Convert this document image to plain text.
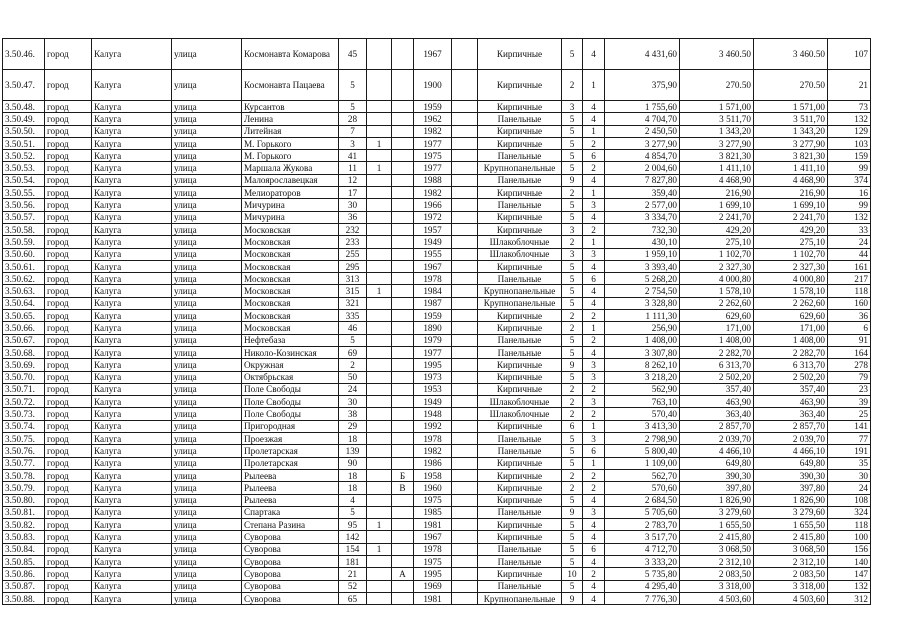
3.50.46.	город	Калуга	улица	Космонавта Комарова	45			1967		Кирпичные	5	4	4 431,60	3 460.50	3 460.50	107
3.50.47.	город	Калуга	улица	Космонавта Пацаева	5			1900		Кирпичные	2	1	375,90	270.50	270.50	21
3.50.48.	город	Калуга	улица	Курсантов	5			1959		Кирпичные	3	4	1 755,60	1 571,00	1 571,00	73
3.50.49.	город	Калуга	улица	Ленина	28			1962		Панельные	5	4	4 704,70	3 511,70	3 511,70	132
3.50.50.	город	Калуга	улица	Литейная	7			1982		Кирпичные	5	1	2 450,50	1 343,20	1 343,20	129
3.50.51.	город	Калуга	улица	М. Горького	3	1		1977		Кирпичные	5	2	3 277,90	3 277,90	3 277,90	103
3.50.52.	город	Калуга	улица	М. Горького	41			1975		Панельные	5	6	4 854,70	3 821,30	3 821,30	159
3.50.53.	город	Калуга	улица	Маршала Жукова	11	1		1977		Крупнопанельные	5	2	2 004,60	1 411,10	1 411,10	99
3.50.54.	город	Калуга	улица	Малоярославецкая	12			1988		Панельные	9	4	7 827,80	4 468,90	4 468,90	374
3.50.55.	город	Калуга	улица	Мелиораторов	17			1982		Кирпичные	2	1	359,40	216,90	216,90	16
3.50.56.	город	Калуга	улица	Мичурина	30			1966		Панельные	5	3	2 577,00	1 699,10	1 699,10	99
3.50.57.	город	Калуга	улица	Мичурина	36			1972		Кирпичные	5	4	3 334,70	2 241,70	2 241,70	132
3.50.58.	город	Калуга	улица	Московская	232			1957		Кирпичные	3	2	732,30	429,20	429,20	33
3.50.59.	город	Калуга	улица	Московская	233			1949		Шлакоблочные	2	1	430,10	275,10	275,10	24
3.50.60.	город	Калуга	улица	Московская	255			1955		Шлакоблочные	3	3	1 959,10	1 102,70	1 102,70	44
3.50.61.	город	Калуга	улица	Московская	295			1967		Кирпичные	5	4	3 393,40	2 327,30	2 327,30	161
3.50.62.	город	Калуга	улица	Московская	313			1978		Панельные	5	6	5 268,20	4 000,80	4 000,80	217
3.50.63.	город	Калуга	улица	Московская	315	1		1984		Крупнопанельные	5	4	2 754,50	1 578,10	1 578,10	118
3.50.64.	город	Калуга	улица	Московская	321			1987		Крупнопанельные	5	4	3 328,80	2 262,60	2 262,60	160
3.50.65.	город	Калуга	улица	Московская	335			1959		Кирпичные	2	2	1 111,30	629,60	629,60	36
3.50.66.	город	Калуга	улица	Московская	46			1890		Кирпичные	2	1	256,90	171,00	171,00	6
3.50.67.	город	Калуга	улица	Нефтебаза	5			1979		Панельные	5	2	1 408,00	1 408,00	1 408,00	91
3.50.68.	город	Калуга	улица	Николо-Козинская	69			1977		Панельные	5	4	3 307,80	2 282,70	2 282,70	164
3.50.69.	город	Калуга	улица	Окружная	2			1995		Кирпичные	9	3	8 262,10	6 313,70	6 313,70	278
3.50.70.	город	Калуга	улица	Октябрьская	50			1973		Кирпичные	5	3	3 218,20	2 502,20	2 502,20	79
3.50.71.	город	Калуга	улица	Поле Свободы	24			1953		Кирпичные	2	2	562,90	357,40	357,40	23
3.50.72.	город	Калуга	улица	Поле Свободы	30			1949		Шлакоблочные	2	3	763,10	463,90	463,90	39
3.50.73.	город	Калуга	улица	Поле Свободы	38			1948		Шлакоблочные	2	2	570,40	363,40	363,40	25
3.50.74.	город	Калуга	улица	Пригородная	29			1992		Кирпичные	6	1	3 413,30	2 857,70	2 857,70	141
3.50.75.	город	Калуга	улица	Проезжая	18			1978		Панельные	5	3	2 798,90	2 039,70	2 039,70	77
3.50.76.	город	Калуга	улица	Пролетарская	139			1982		Панельные	5	6	5 800,40	4 466,10	4 466,10	191
3.50.77.	город	Калуга	улица	Пролетарская	90			1986		Кирпичные	5	1	1 109,00	649,80	649,80	35
3.50.78.	город	Калуга	улица	Рылеева	18		Б	1958		Кирпичные	2	2	562,70	390,30	390,30	30
3.50.79.	город	Калуга	улица	Рылеева	18		В	1960		Кирпичные	2	2	570,60	397,80	397,80	24
3.50.80.	город	Калуга	улица	Рылеева	4			1975		Кирпичные	5	4	2 684,50	1 826,90	1 826,90	108
3.50.81.	город	Калуга	улица	Спартака	5			1985		Панельные	9	3	5 705,60	3 279,60	3 279,60	324
3.50.82.	город	Калуга	улица	Степана Разина	95	1		1981		Кирпичные	5	4	2 783,70	1 655,50	1 655,50	118
3.50.83.	город	Калуга	улица	Суворова	142			1967		Кирпичные	5	4	3 517,70	2 415,80	2 415,80	100
3.50.84.	город	Калуга	улица	Суворова	154	1		1978		Панельные	5	6	4 712,70	3 068,50	3 068,50	156
3.50.85.	город	Калуга	улица	Суворова	181			1975		Панельные	5	4	3 333,20	2 312,10	2 312,10	140
3.50.86.	город	Калуга	улица	Суворова	21		А	1995		Кирпичные	10	2	5 735,80	2 083,50	2 083,50	147
3.50.87.	город	Калуга	улица	Суворова	52			1969		Панельные	5	4	4 295,40	3 318,00	3 318,00	132
3.50.88.	город	Калуга	улица	Суворова	65			1981		Крупнопанельные	9	4	7 776,30	4 503,60	4 503,60	312
